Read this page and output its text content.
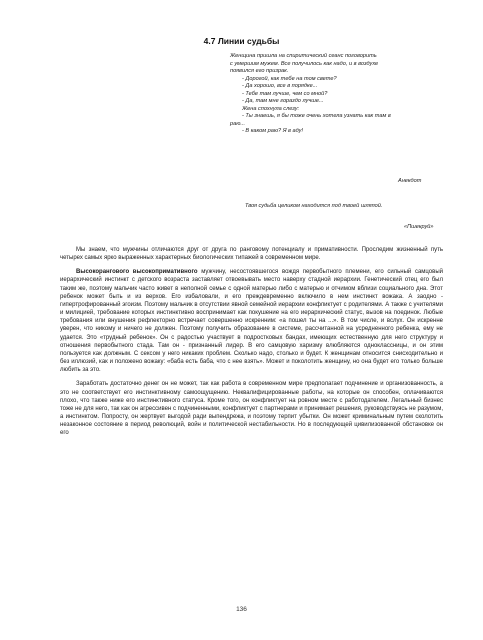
4.7 Линии судьбы
Женщина пришла на спиритический сеанс поговорить
с умершим мужем. Все получилось как надо, и в воздухе
появился его призрак.
- Дорогой, как тебе на том свете?
- Да хорошо, все в порядке...
- Тебе там лучше, чем со мной?
- Да, там мне гораздо лучше...
Жена спохнула слезу:
- Ты знаешь, я бы тоже очень хотела узнать как там в
раю...
- В каком раю? Я в аду!
Анекдот
Твоя судьба целиком находится под твоей шляпой.
«Пшекруй»

Мы знаем, что мужчины отличаются друг от друга по ранговому потенциалу и примативности. Проследим жизненный путь четырех самых ярко выраженных характерных биологических типажей в современном мире.

Высокорангового высокопримативного мужчину, несостоявшегося вождя первобытного племени, его сильный самцовый иерархический инстинкт с детского возраста заставляет отвоевывать место наверху стадной иерархии. Генетический отец его был таким же, поэтому мальчик часто живет в неполной семье с одной матерью либо с матерью и отчимом вблизи социального дна. Этот ребенок может быть и из верхов. Его избаловали, и его преждевременно включило в нем инстинкт вожака. А заодно - гипертрофированный эгоизм. Поэтому мальчик в отсутствии явной семейной иерархии конфликтует с родителями. А также с учителями и милицией, требование которых инстинктивно воспринимает как покушение на его иерархический статус, вызов на поединок. Любые требования или внушения рефлекторно встречает совершенно искренним: «а пошел ты на ...». В том числе, и вслух. Он искренне уверен, что никому и ничего не должен. Поэтому получить образование в системе, рассчитанной на усредненного ребенка, ему не удается. Это «трудный ребенок». Он с радостью участвует в подростковых бандах, имеющих естественную для него структуру и отношения первобытного стада. Там он - признанный лидер. В его самцовую харизму влюбляются одноклассницы, и он этим пользуется как должным. С сексом у него никаких проблем. Сколько надо, столько и будет. К женщинам относится снисходительно и без иллюзий, как и положено вожаку: «баба есть баба, что с нее взять». Может и поколотить женщину, но она будет его только больше любить за это.

Заработать достаточно денег он не может, так как работа в современном мире предполагает подчинение и организованность, а это не соответствует его инстинктивному самоощущению. Неквалифицированные работы, на которые он способен, оплачиваются плохо, что также ниже его инстинктивного статуса. Кроме того, он конфликтует на ровном месте с работодателем. Легальный бизнес тоже не для него, так как он агрессивен с подчиненными, конфликтует с партнерами и принимает решения, руководствуясь не разумом, а инстинктом. Попросту, он жертвует выгодой ради выпендрежа, и поэтому терпит убытки. Он может криминальным путем сколотить незаконное состояние в период революций, войн и политической нестабильности. Но в последующей цивилизованной обстановке он его

136
